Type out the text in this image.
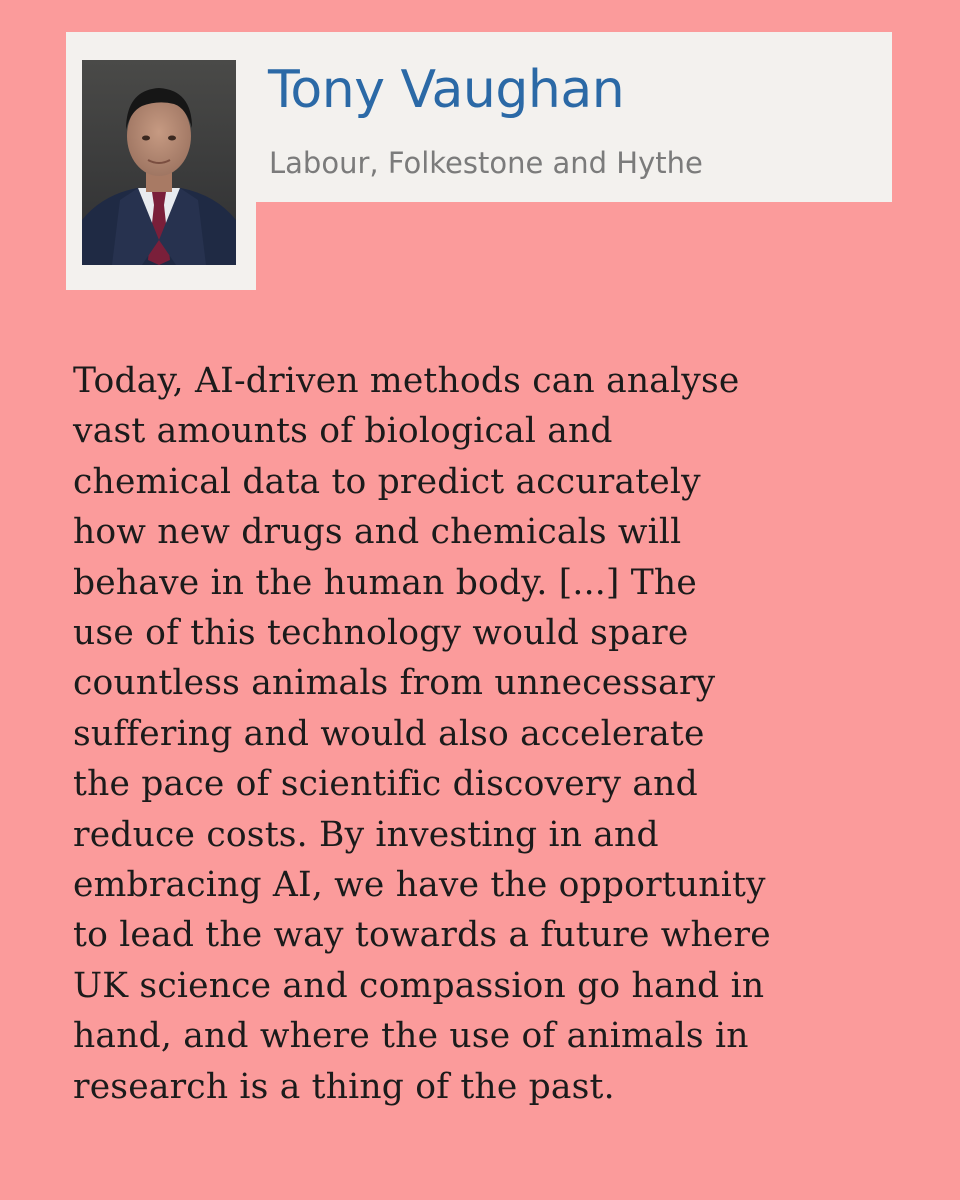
Tony Vaughan

Labour, Folkestone and Hythe

Today, AI-driven methods can analyse
vast amounts of biological and
chemical data to predict accurately
how new drugs and chemicals will
behave in the human body. [...] The
use of this technology would spare
countless animals from unnecessary
suffering and would also accelerate
the pace of scientific discovery and
reduce costs. By investing in and
embracing AI, we have the opportunity
to lead the way towards a future where
UK science and compassion go hand in
hand, and where the use of animals in
research is a thing of the past.
